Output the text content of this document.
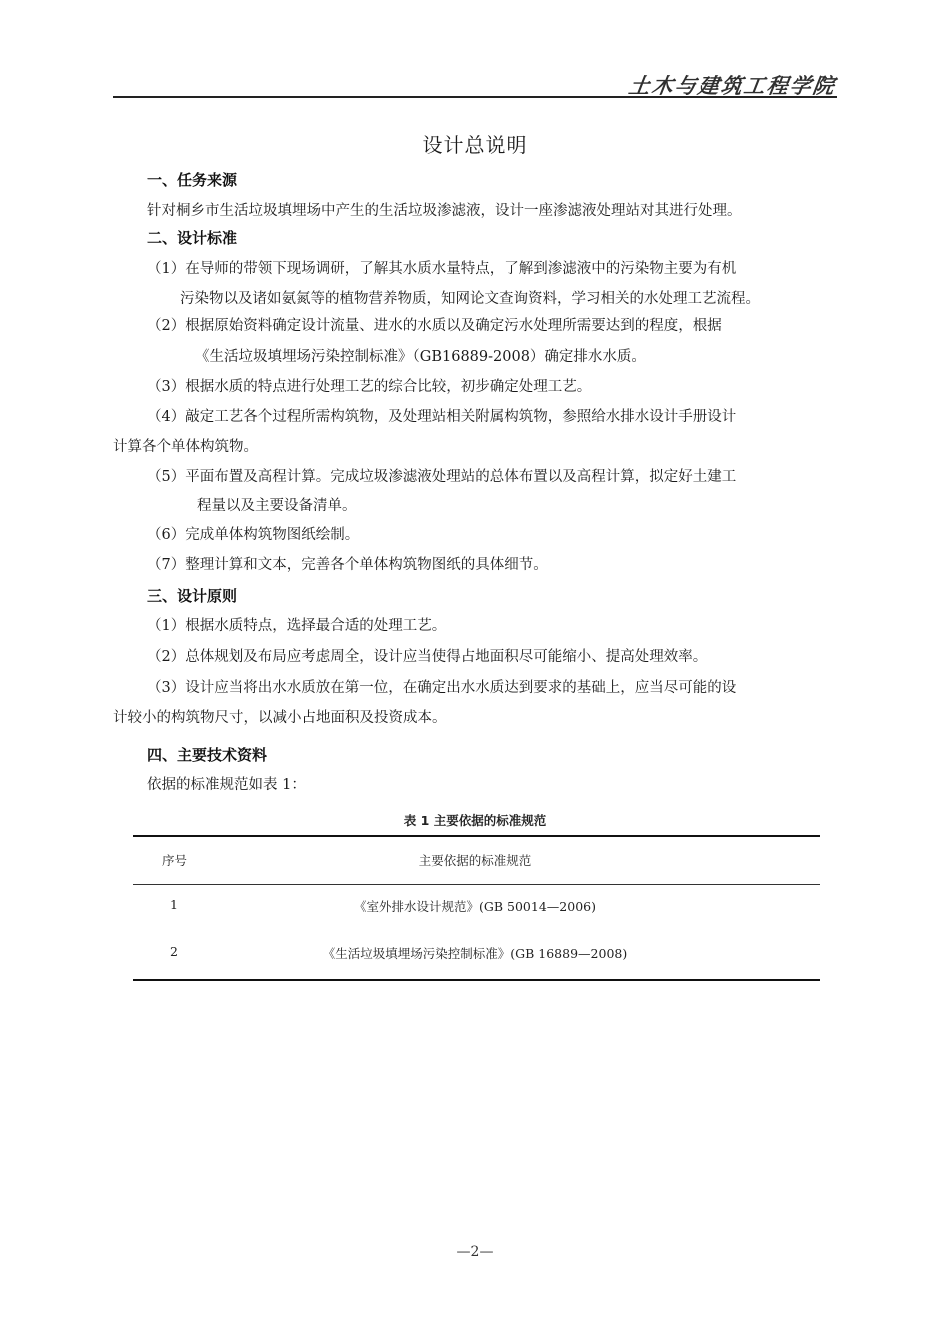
土木与建筑工程学院
设计总说明
一、任务来源
针对桐乡市生活垃圾填埋场中产生的生活垃圾渗滤液，设计一座渗滤液处理站对其进行处理。
二、设计标准
（1）在导师的带领下现场调研，了解其水质水量特点，了解到渗滤液中的污染物主要为有机
污染物以及诸如氨氮等的植物营养物质，知网论文查询资料，学习相关的水处理工艺流程。
（2）根据原始资料确定设计流量、进水的水质以及确定污水处理所需要达到的程度，根据
《生活垃圾填埋场污染控制标准》（GB16889-2008）确定排水水质。
（3）根据水质的特点进行处理工艺的综合比较，初步确定处理工艺。
（4）敲定工艺各个过程所需构筑物，及处理站相关附属构筑物，参照给水排水设计手册设计
计算各个单体构筑物。
（5）平面布置及高程计算。完成垃圾渗滤液处理站的总体布置以及高程计算，拟定好土建工
程量以及主要设备清单。
（6）完成单体构筑物图纸绘制。
（7）整理计算和文本，完善各个单体构筑物图纸的具体细节。
三、设计原则
（1）根据水质特点，选择最合适的处理工艺。
（2）总体规划及布局应考虑周全，设计应当使得占地面积尽可能缩小、提高处理效率。
（3）设计应当将出水水质放在第一位，在确定出水水质达到要求的基础上，应当尽可能的设
计较小的构筑物尺寸，以减小占地面积及投资成本。
四、主要技术资料
依据的标准规范如表 1：
表 1 主要依据的标准规范
序号	主要依据的标准规范
1	《室外排水设计规范》(GB 50014—2006)
2	《生活垃圾填埋场污染控制标准》(GB 16889—2008)
—2—
